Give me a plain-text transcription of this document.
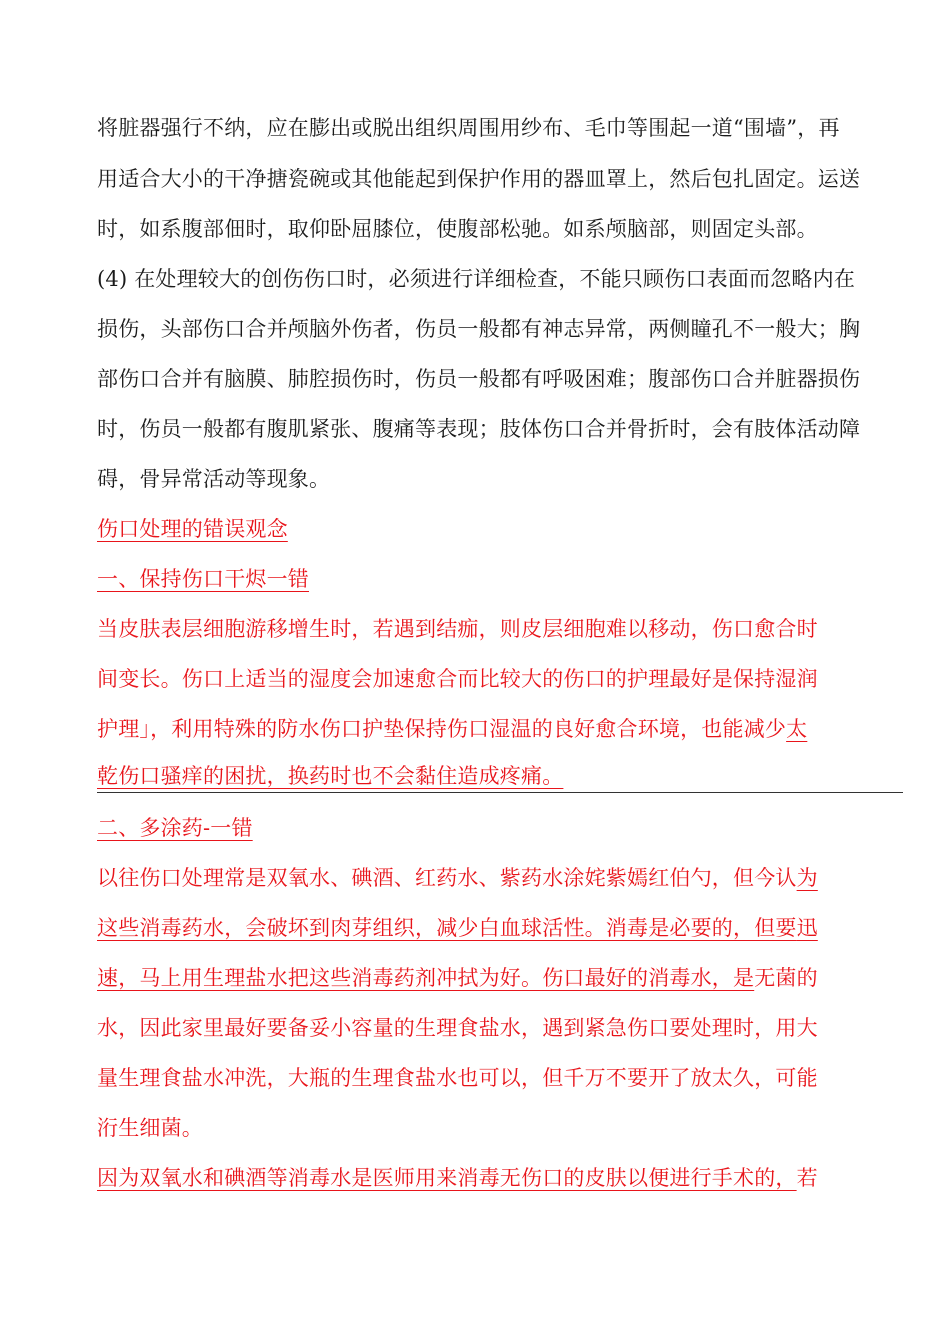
将脏器强行不纳，应在膨出或脱出组织周围用纱布、毛巾等围起一道“围墙”，再
用适合大小的干净搪瓷碗或其他能起到保护作用的器皿罩上，然后包扎固定。运送
时，如系腹部佃时，取仰卧屈膝位，使腹部松驰。如系颅脑部，则固定头部。
(4) 在处理较大的创伤伤口时，必须进行详细检查，不能只顾伤口表面而忽略内在
损伤，头部伤口合并颅脑外伤者，伤员一般都有神志异常，两侧瞳孔不一般大；胸
部伤口合并有脑膜、肺腔损伤时，伤员一般都有呼吸困难；腹部伤口合并脏器损伤
时，伤员一般都有腹肌紧张、腹痛等表现；肢体伤口合并骨折时，会有肢体活动障
碍，骨异常活动等现象。
伤口处理的错误观念
一、保持伤口干烬一错
当皮肤表层细胞游移增生时，若遇到结痂，则皮层细胞难以移动，伤口愈合时
间变长。伤口上适当的湿度会加速愈合而比较大的伤口的护理最好是保持湿润
护理」，利用特殊的防水伤口护垫保持伤口湿温的良好愈合环境，也能减少太
乾伤口骚痒的困扰，换药时也不会黏住造成疼痛。
二、多涂药-一错
以往伤口处理常是双氧水、碘酒、红药水、紫药水涂姹紫嫣红伯勺，但今认为
这些消毒药水，会破坏到肉芽组织，减少白血球活性。消毒是必要的，但要迅
速，马上用生理盐水把这些消毒药剂冲拭为好。伤口最好的消毒水，是无菌的
水，因此家里最好要备妥小容量的生理食盐水，遇到紧急伤口要处理时，用大
量生理食盐水冲洗，大瓶的生理食盐水也可以，但千万不要开了放太久，可能
洐生细菌。
因为双氧水和碘酒等消毒水是医师用来消毒无伤口的皮肤以便进行手术的，若
